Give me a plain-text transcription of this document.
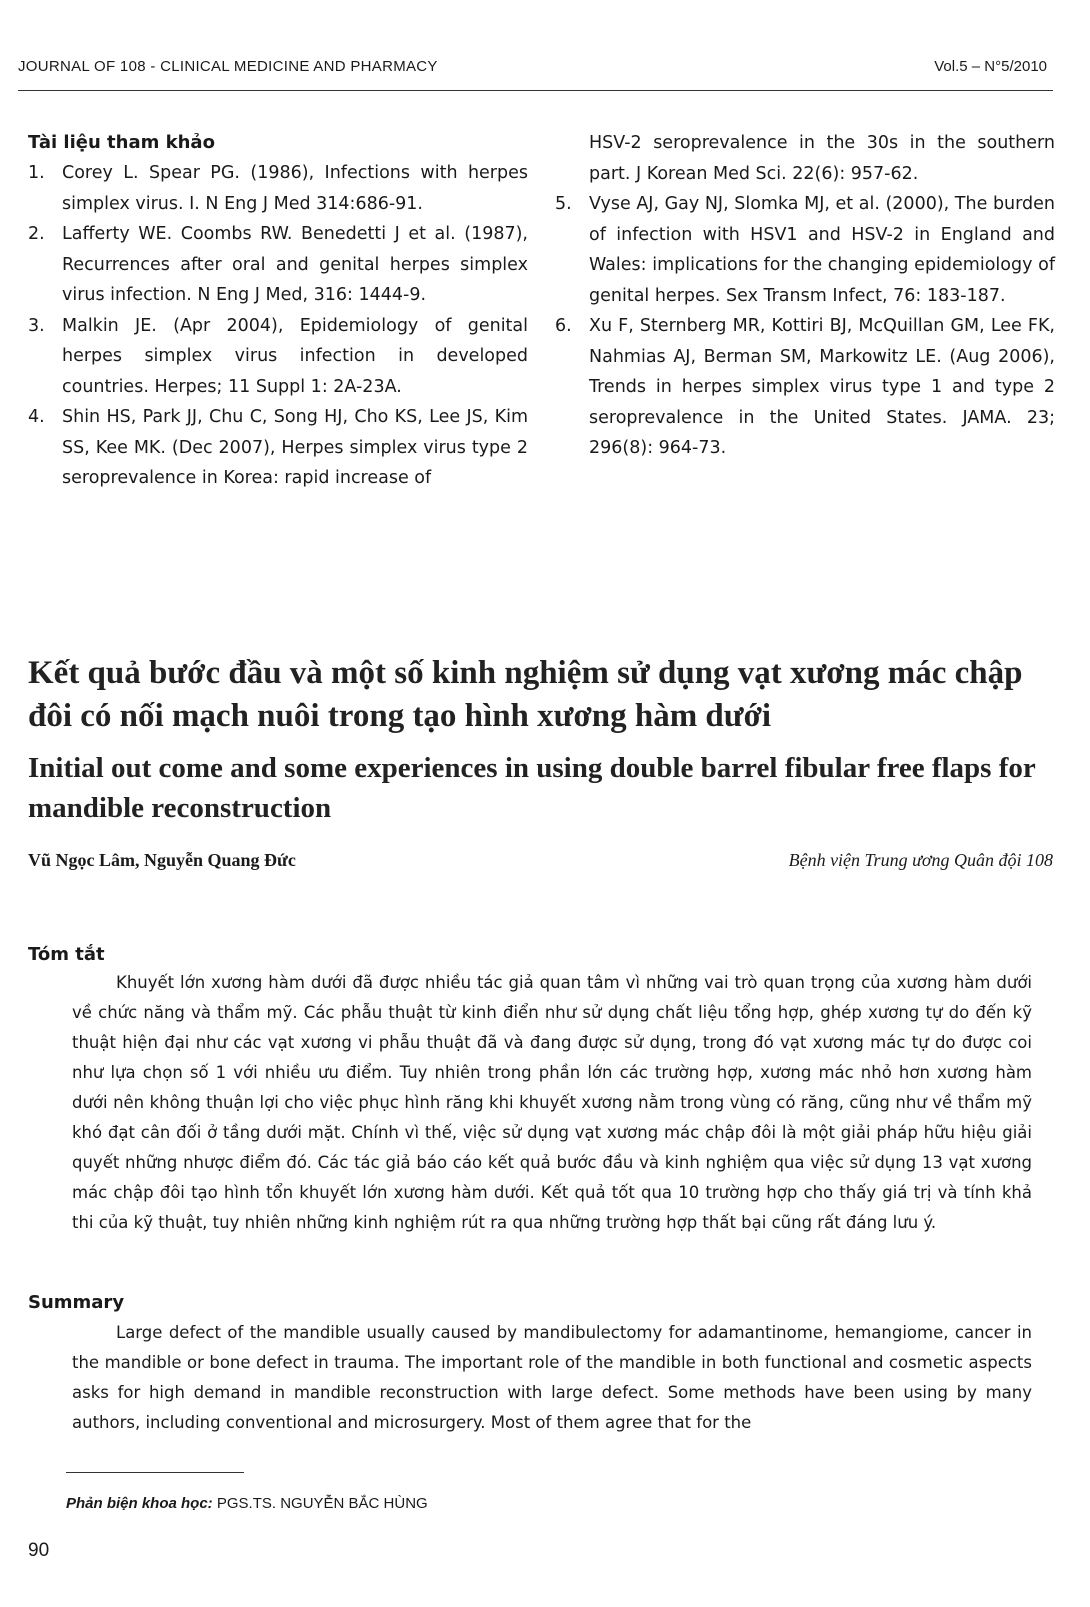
JOURNAL OF 108 - CLINICAL MEDICINE AND PHARMACY	Vol.5 – N°5/2010

Tài liệu tham khảo

1. Corey L. Spear PG. (1986), Infections with herpes simplex virus. I. N Eng J Med 314:686-91.

2. Lafferty WE. Coombs RW. Benedetti J et al. (1987), Recurrences after oral and genital herpes simplex virus infection. N Eng J Med, 316: 1444-9.

3. Malkin JE. (Apr 2004), Epidemiology of genital herpes simplex virus infection in developed countries. Herpes; 11 Suppl 1: 2A-23A.

4. Shin HS, Park JJ, Chu C, Song HJ, Cho KS, Lee JS, Kim SS, Kee MK. (Dec 2007), Herpes simplex virus type 2 seroprevalence in Korea: rapid increase of

HSV-2 seroprevalence in the 30s in the southern part. J Korean Med Sci. 22(6): 957-62.

5. Vyse AJ, Gay NJ, Slomka MJ, et al. (2000), The burden of infection with HSV1 and HSV-2 in England and Wales: implications for the changing epidemiology of genital herpes. Sex Transm Infect, 76: 183-187.

6. Xu F, Sternberg MR, Kottiri BJ, McQuillan GM, Lee FK, Nahmias AJ, Berman SM, Markowitz LE. (Aug 2006), Trends in herpes simplex virus type 1 and type 2 seroprevalence in the United States. JAMA. 23; 296(8): 964-73.

Kết quả bước đầu và một số kinh nghiệm sử dụng vạt xương mác chập đôi có nối mạch nuôi trong tạo hình xương hàm dưới

Initial out come and some experiences in using double barrel fibular free flaps for mandible reconstruction

Vũ Ngọc Lâm, Nguyễn Quang Đức	Bệnh viện Trung ương Quân đội 108
Tóm tắt

Khuyết lớn xương hàm dưới đã được nhiều tác giả quan tâm vì những vai trò quan trọng của xương hàm dưới về chức năng và thẩm mỹ. Các phẫu thuật từ kinh điển như sử dụng chất liệu tổng hợp, ghép xương tự do đến kỹ thuật hiện đại như các vạt xương vi phẫu thuật đã và đang được sử dụng, trong đó vạt xương mác tự do được coi như lựa chọn số 1 với nhiều ưu điểm. Tuy nhiên trong phần lớn các trường hợp, xương mác nhỏ hơn xương hàm dưới nên không thuận lợi cho việc phục hình răng khi khuyết xương nằm trong vùng có răng, cũng như về thẩm mỹ khó đạt cân đối ở tầng dưới mặt. Chính vì thế, việc sử dụng vạt xương mác chập đôi là một giải pháp hữu hiệu giải quyết những nhược điểm đó. Các tác giả báo cáo kết quả bước đầu và kinh nghiệm qua việc sử dụng 13 vạt xương mác chập đôi tạo hình tổn khuyết lớn xương hàm dưới. Kết quả tốt qua 10 trường hợp cho thấy giá trị và tính khả thi của kỹ thuật, tuy nhiên những kinh nghiệm rút ra qua những trường hợp thất bại cũng rất đáng lưu ý.

Summary

Large defect of the mandible usually caused by mandibulectomy for adamantinome, hemangiome, cancer in the mandible or bone defect in trauma. The important role of the mandible in both functional and cosmetic aspects asks for high demand in mandible reconstruction with large defect. Some methods have been using by many authors, including conventional and microsurgery. Most of them agree that for the

Phản biện khoa học: PGS.TS. NGUYỄN BẮC HÙNG
90
